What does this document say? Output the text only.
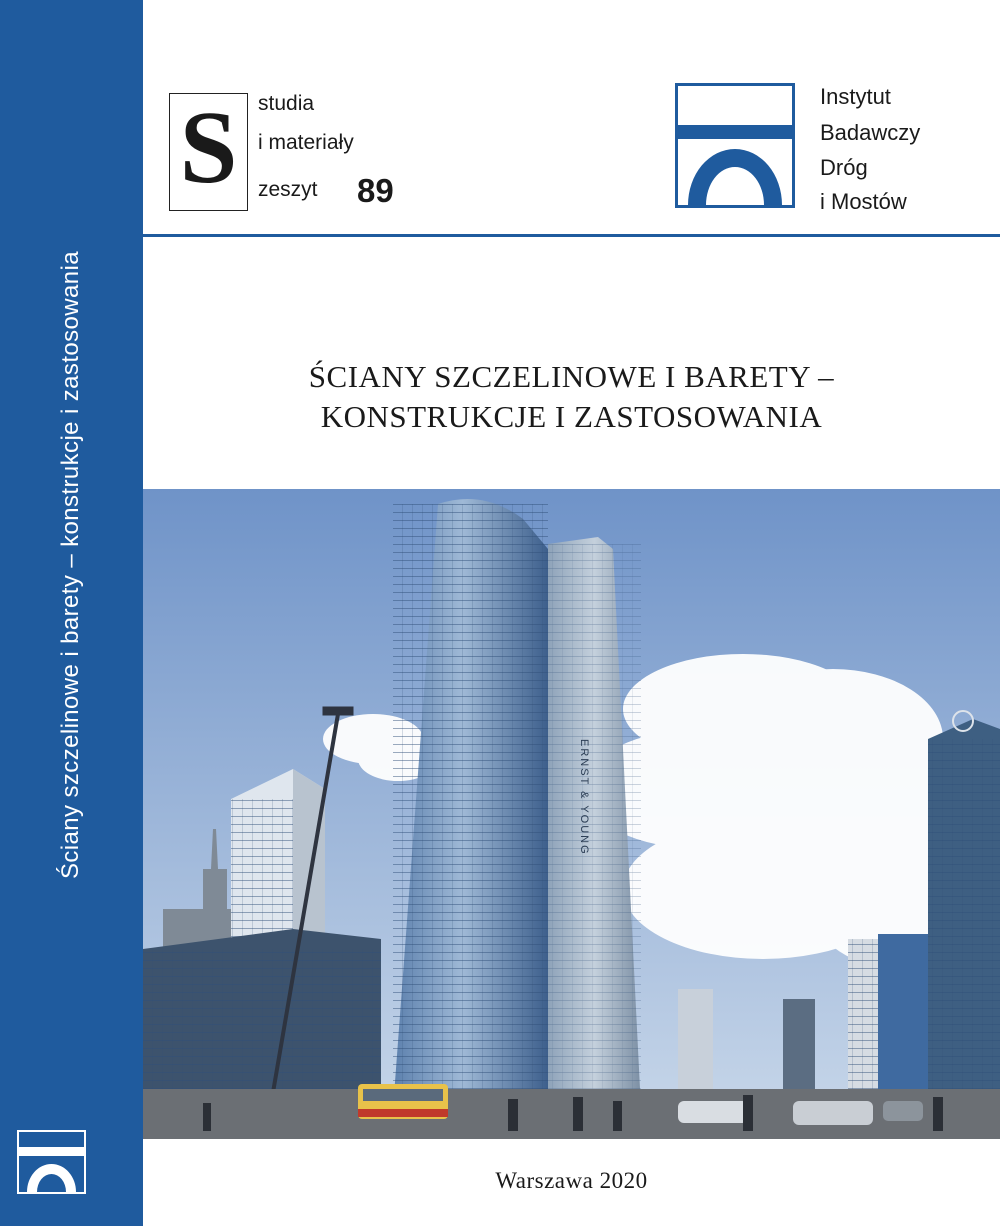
Ściany szczelinowe i barety – konstrukcje i zastosowania
S studia
i materiały
zeszyt 89
Instytut
Badawczy
Dróg
i Mostów
ŚCIANY SZCZELINOWE I BARETY –
KONSTRUKCJE I ZASTOSOWANIA
ERNST & YOUNG
Warszawa 2020
